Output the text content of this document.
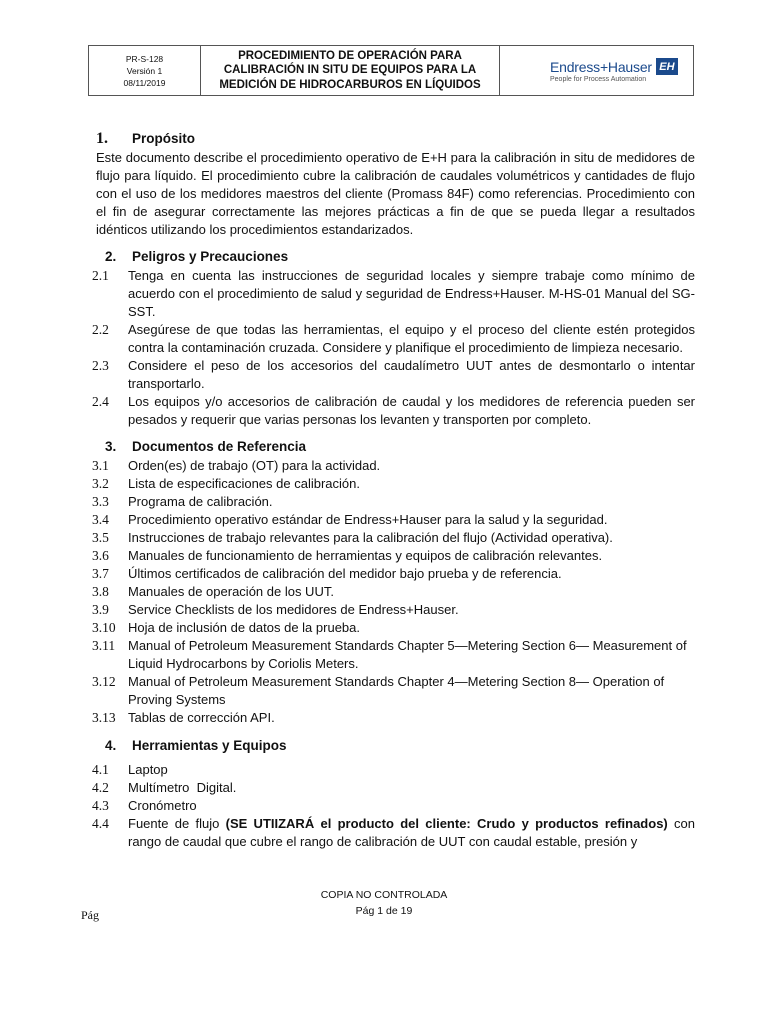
PR-S-128
Versión 1
08/11/2019
PROCEDIMIENTO DE OPERACIÓN PARA
CALIBRACIÓN IN SITU DE EQUIPOS PARA LA
MEDICIÓN DE HIDROCARBUROS EN LÍQUIDOS
Endress+Hauser EH
People for Process Automation
1.	Propósito
Este documento describe el procedimiento operativo de E+H para la calibración in situ de medidores de flujo para líquido. El procedimiento cubre la calibración de caudales volumétricos y cantidades de flujo con el uso de los medidores maestros del cliente (Promass 84F) como referencias. Procedimiento con el fin de asegurar correctamente las mejores prácticas a fin de que se pueda llegar a resultados idénticos utilizando los procedimientos estandarizados.
2.	Peligros y Precauciones
2.1	Tenga en cuenta las instrucciones de seguridad locales y siempre trabaje como mínimo de acuerdo con el procedimiento de salud y seguridad de Endress+Hauser. M-HS-01 Manual del SG-SST.
2.2	Asegúrese de que todas las herramientas, el equipo y el proceso del cliente estén protegidos contra la contaminación cruzada. Considere y planifique el procedimiento de limpieza necesario.
2.3	Considere el peso de los accesorios del caudalímetro UUT antes de desmontarlo o intentar transportarlo.
2.4	Los equipos y/o accesorios de calibración de caudal y los medidores de referencia pueden ser pesados y requerir que varias personas los levanten y transporten por completo.
3.	Documentos de Referencia
3.1	Orden(es) de trabajo (OT) para la actividad.
3.2	Lista de especificaciones de calibración.
3.3	Programa de calibración.
3.4	Procedimiento operativo estándar de Endress+Hauser para la salud y la seguridad.
3.5	Instrucciones de trabajo relevantes para la calibración del flujo (Actividad operativa).
3.6	Manuales de funcionamiento de herramientas y equipos de calibración relevantes.
3.7	Últimos certificados de calibración del medidor bajo prueba y de referencia.
3.8	Manuales de operación de los UUT.
3.9	Service Checklists de los medidores de Endress+Hauser.
3.10 Hoja de inclusión de datos de la prueba.
3.11 Manual of Petroleum Measurement Standards Chapter 5—Metering Section 6— Measurement of Liquid Hydrocarbons by Coriolis Meters.
3.12 Manual of Petroleum Measurement Standards Chapter 4—Metering Section 8— Operation of Proving Systems
3.13 Tablas de corrección API.
4.	Herramientas y Equipos
4.1	Laptop
4.2	Multímetro  Digital.
4.3	Cronómetro
4.4	Fuente de flujo (SE UTIIZARÁ el producto del cliente: Crudo y productos refinados) con rango de caudal que cubre el rango de calibración de UUT con caudal estable, presión y
COPIA NO CONTROLADA
Pág 1 de 19
Pág
